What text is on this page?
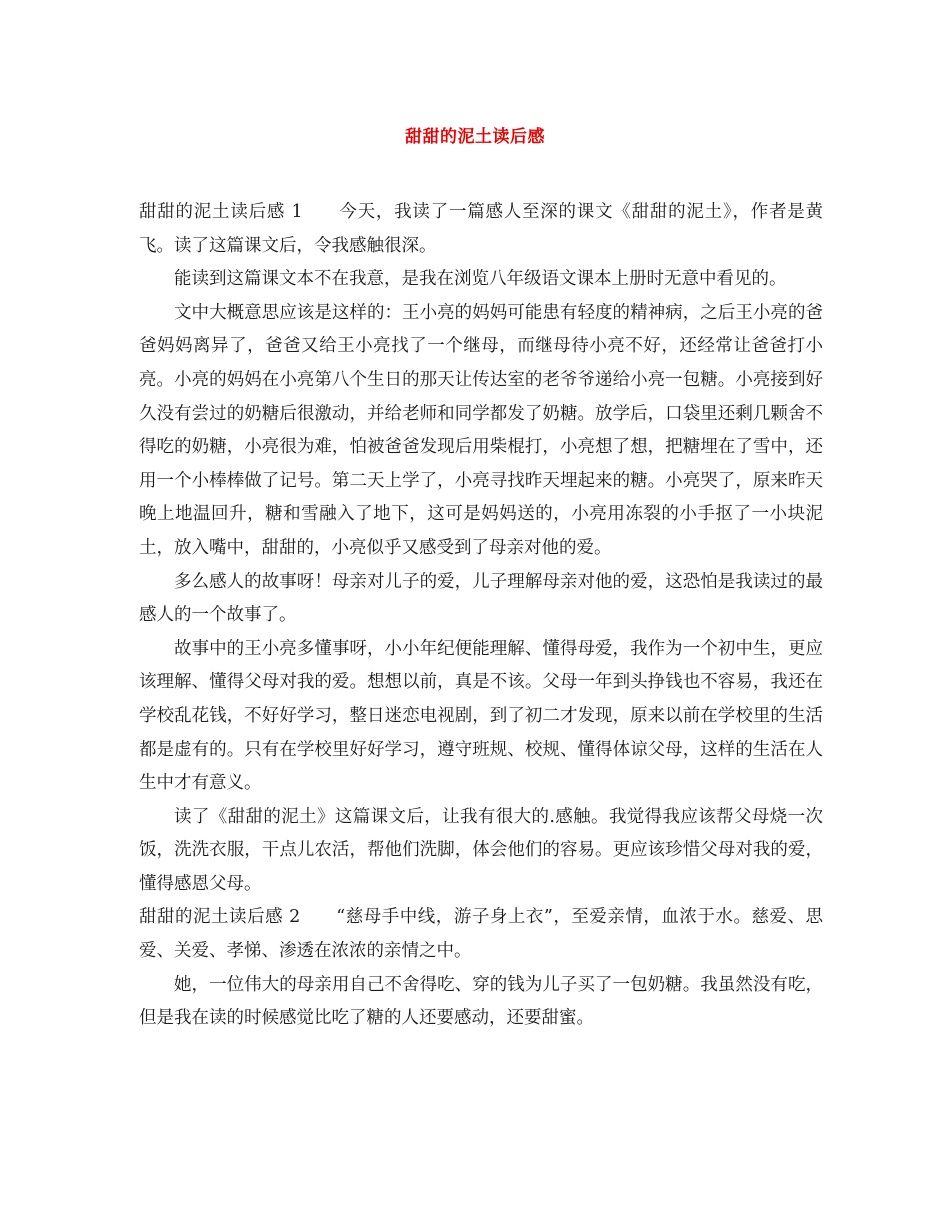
甜甜的泥土读后感

甜甜的泥土读后感 1 今天，我读了一篇感人至深的课文《甜甜的泥土》，作者是黄飞。读了这篇课文后，令我感触很深。

能读到这篇课文本不在我意，是我在浏览八年级语文课本上册时无意中看见的。

文中大概意思应该是这样的：王小亮的妈妈可能患有轻度的精神病，之后王小亮的爸爸妈妈离异了，爸爸又给王小亮找了一个继母，而继母待小亮不好，还经常让爸爸打小亮。小亮的妈妈在小亮第八个生日的那天让传达室的老爷爷递给小亮一包糖。小亮接到好久没有尝过的奶糖后很激动，并给老师和同学都发了奶糖。放学后，口袋里还剩几颗舍不得吃的奶糖，小亮很为难，怕被爸爸发现后用柴棍打，小亮想了想，把糖埋在了雪中，还用一个小棒棒做了记号。第二天上学了，小亮寻找昨天埋起来的糖。小亮哭了，原来昨天晚上地温回升，糖和雪融入了地下，这可是妈妈送的，小亮用冻裂的小手抠了一小块泥土，放入嘴中，甜甜的，小亮似乎又感受到了母亲对他的爱。

多么感人的故事呀！母亲对儿子的爱，儿子理解母亲对他的爱，这恐怕是我读过的最感人的一个故事了。

故事中的王小亮多懂事呀，小小年纪便能理解、懂得母爱，我作为一个初中生，更应该理解、懂得父母对我的爱。想想以前，真是不该。父母一年到头挣钱也不容易，我还在学校乱花钱，不好好学习，整日迷恋电视剧，到了初二才发现，原来以前在学校里的生活都是虚有的。只有在学校里好好学习，遵守班规、校规、懂得体谅父母，这样的生活在人生中才有意义。

读了《甜甜的泥土》这篇课文后，让我有很大的.感触。我觉得我应该帮父母烧一次饭，洗洗衣服，干点儿农活，帮他们洗脚，体会他们的容易。更应该珍惜父母对我的爱，懂得感恩父母。

甜甜的泥土读后感 2 “慈母手中线，游子身上衣”，至爱亲情，血浓于水。慈爱、思爱、关爱、孝悌、渗透在浓浓的亲情之中。

她，一位伟大的母亲用自己不舍得吃、穿的钱为儿子买了一包奶糖。我虽然没有吃，但是我在读的时候感觉比吃了糖的人还要感动，还要甜蜜。
